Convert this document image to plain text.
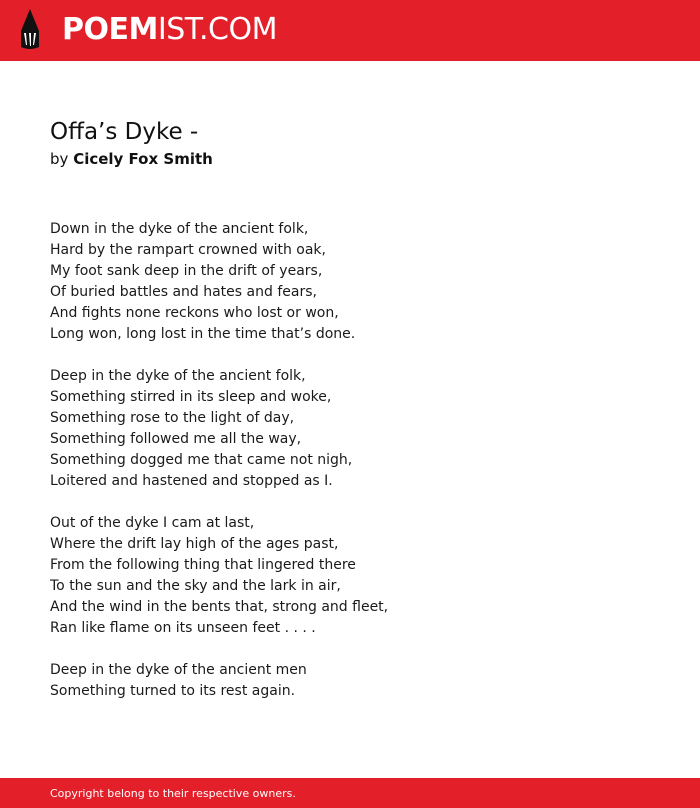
POEMIST.COM
Offa’s Dyke -
by Cicely Fox Smith
Down in the dyke of the ancient folk,
Hard by the rampart crowned with oak,
My foot sank deep in the drift of years,
Of buried battles and hates and fears,
And fights none reckons who lost or won,
Long won, long lost in the time that’s done.
Deep in the dyke of the ancient folk,
Something stirred in its sleep and woke,
Something rose to the light of day,
Something followed me all the way,
Something dogged me that came not nigh,
Loitered and hastened and stopped as I.
Out of the dyke I cam at last,
Where the drift lay high of the ages past,
From the following thing that lingered there
To the sun and the sky and the lark in air,
And the wind in the bents that, strong and fleet,
Ran like flame on its unseen feet . . . .
Deep in the dyke of the ancient men
Something turned to its rest again.
Copyright belong to their respective owners.
